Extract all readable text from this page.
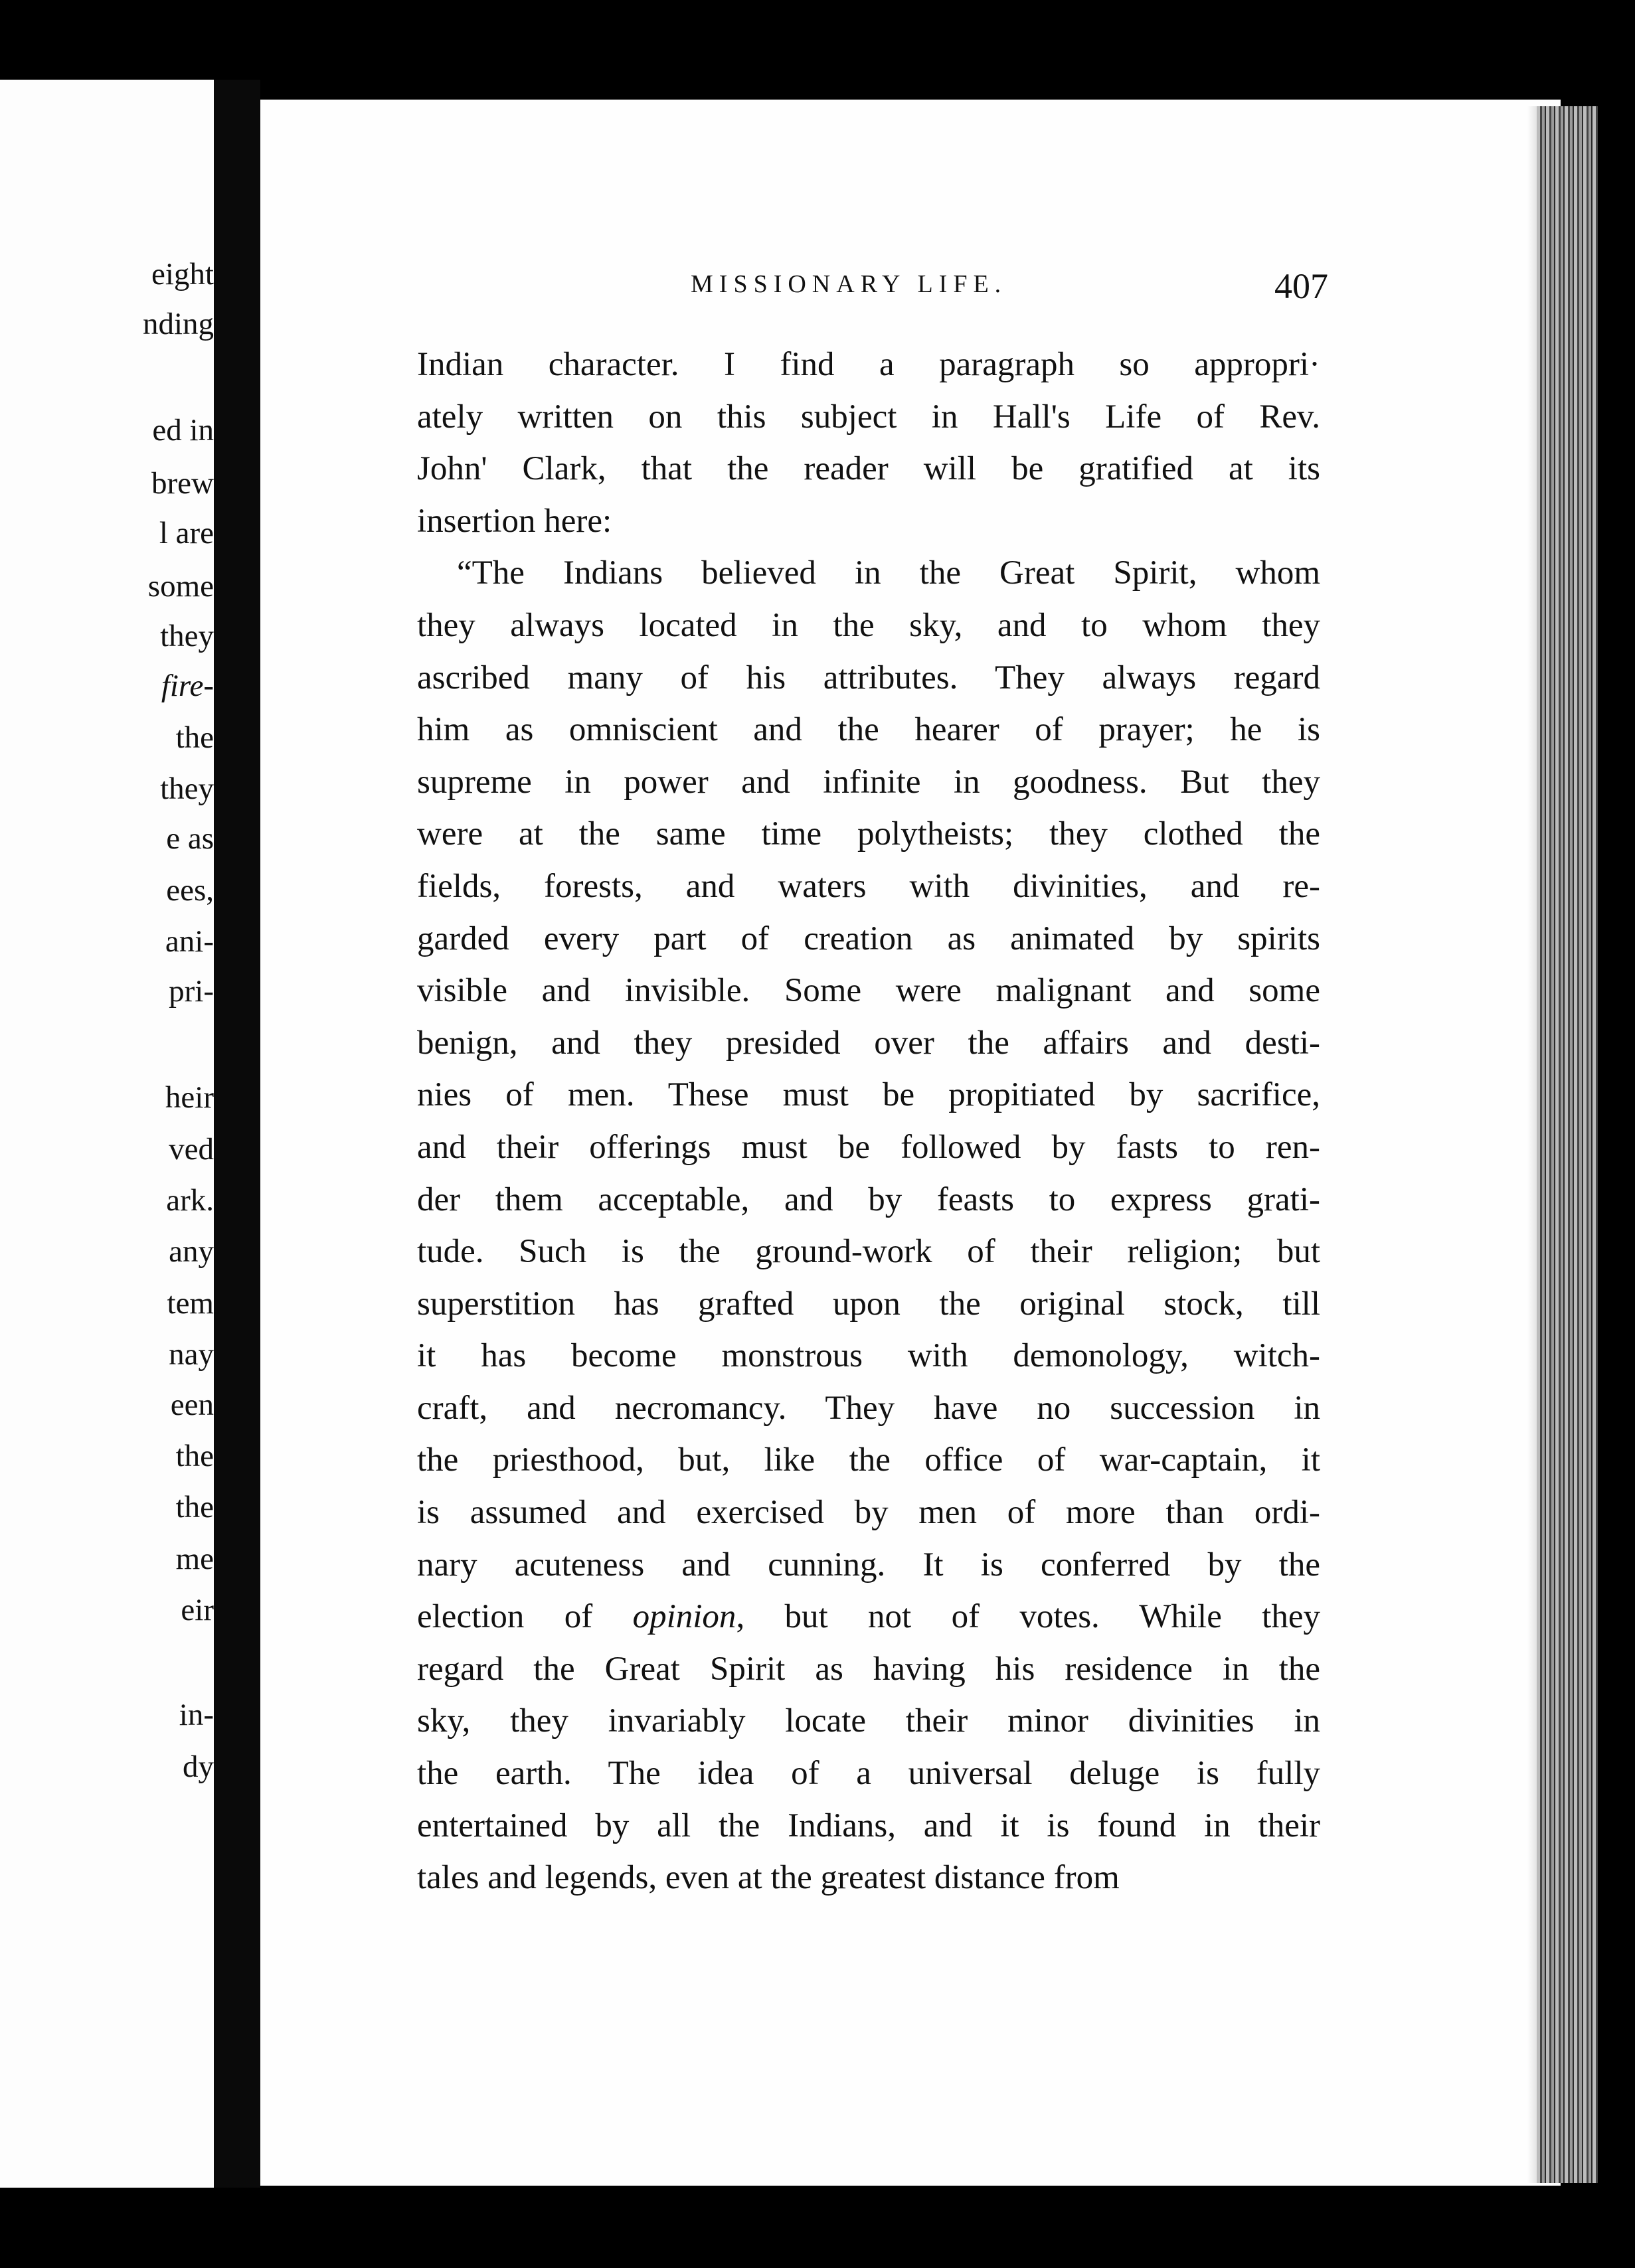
eight
nding
ed in
brew
l are
some
they
fire-
the
they
e as
ees,
ani-
pri-
heir
ved
ark.
any
tem
nay
een
the
the
me
eir
in-
dy
MISSIONARY LIFE.	407
Indian character. I find a paragraph so appropri·
ately written on this subject in Hall's Life of Rev.
John' Clark, that the reader will be gratified at its
insertion here:
“The Indians believed in the Great Spirit, whom
they always located in the sky, and to whom they
ascribed many of his attributes. They always regard
him as omniscient and the hearer of prayer; he is
supreme in power and infinite in goodness. But they
were at the same time polytheists; they clothed the
fields, forests, and waters with divinities, and re-
garded every part of creation as animated by spirits
visible and invisible. Some were malignant and some
benign, and they presided over the affairs and desti-
nies of men. These must be propitiated by sacrifice,
and their offerings must be followed by fasts to ren-
der them acceptable, and by feasts to express grati-
tude. Such is the ground-work of their religion; but
superstition has grafted upon the original stock, till
it has become monstrous with demonology, witch-
craft, and necromancy. They have no succession in
the priesthood, but, like the office of war-captain, it
is assumed and exercised by men of more than ordi-
nary acuteness and cunning. It is conferred by the
election of opinion, but not of votes. While they
regard the Great Spirit as having his residence in the
sky, they invariably locate their minor divinities in
the earth. The idea of a universal deluge is fully
entertained by all the Indians, and it is found in their
tales and legends, even at the greatest distance from
